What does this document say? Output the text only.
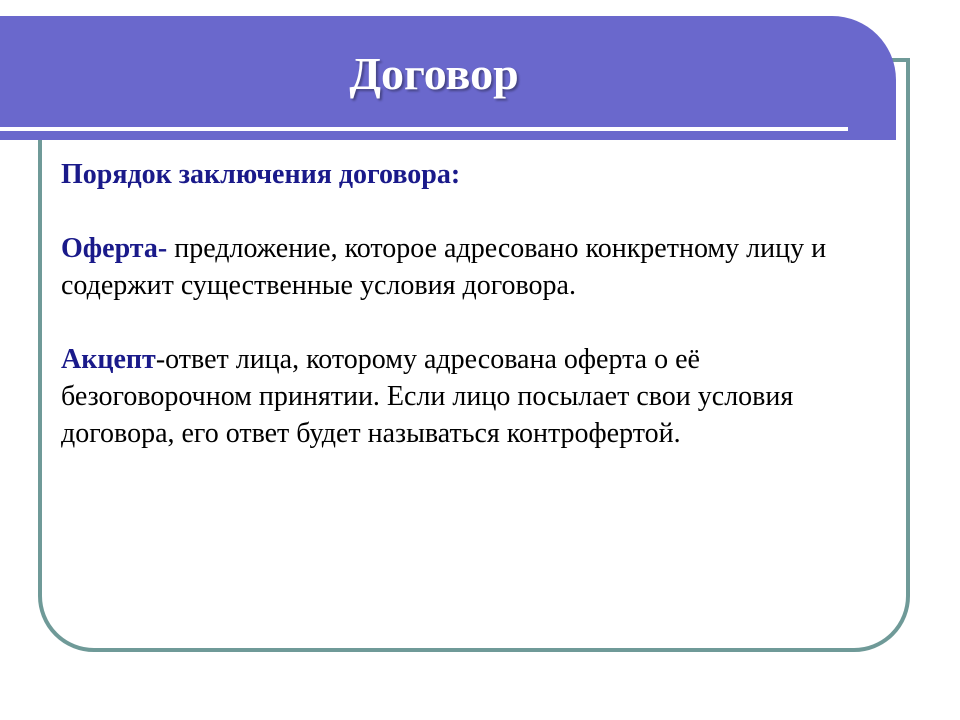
Договор

Порядок заключения договора:

Оферта- предложение, которое адресовано конкретному лицу и содержит существенные условия договора.

Акцепт-ответ лица, которому адресована оферта о её безоговорочном принятии. Если лицо посылает свои условия договора, его ответ будет называться контрофертой.
